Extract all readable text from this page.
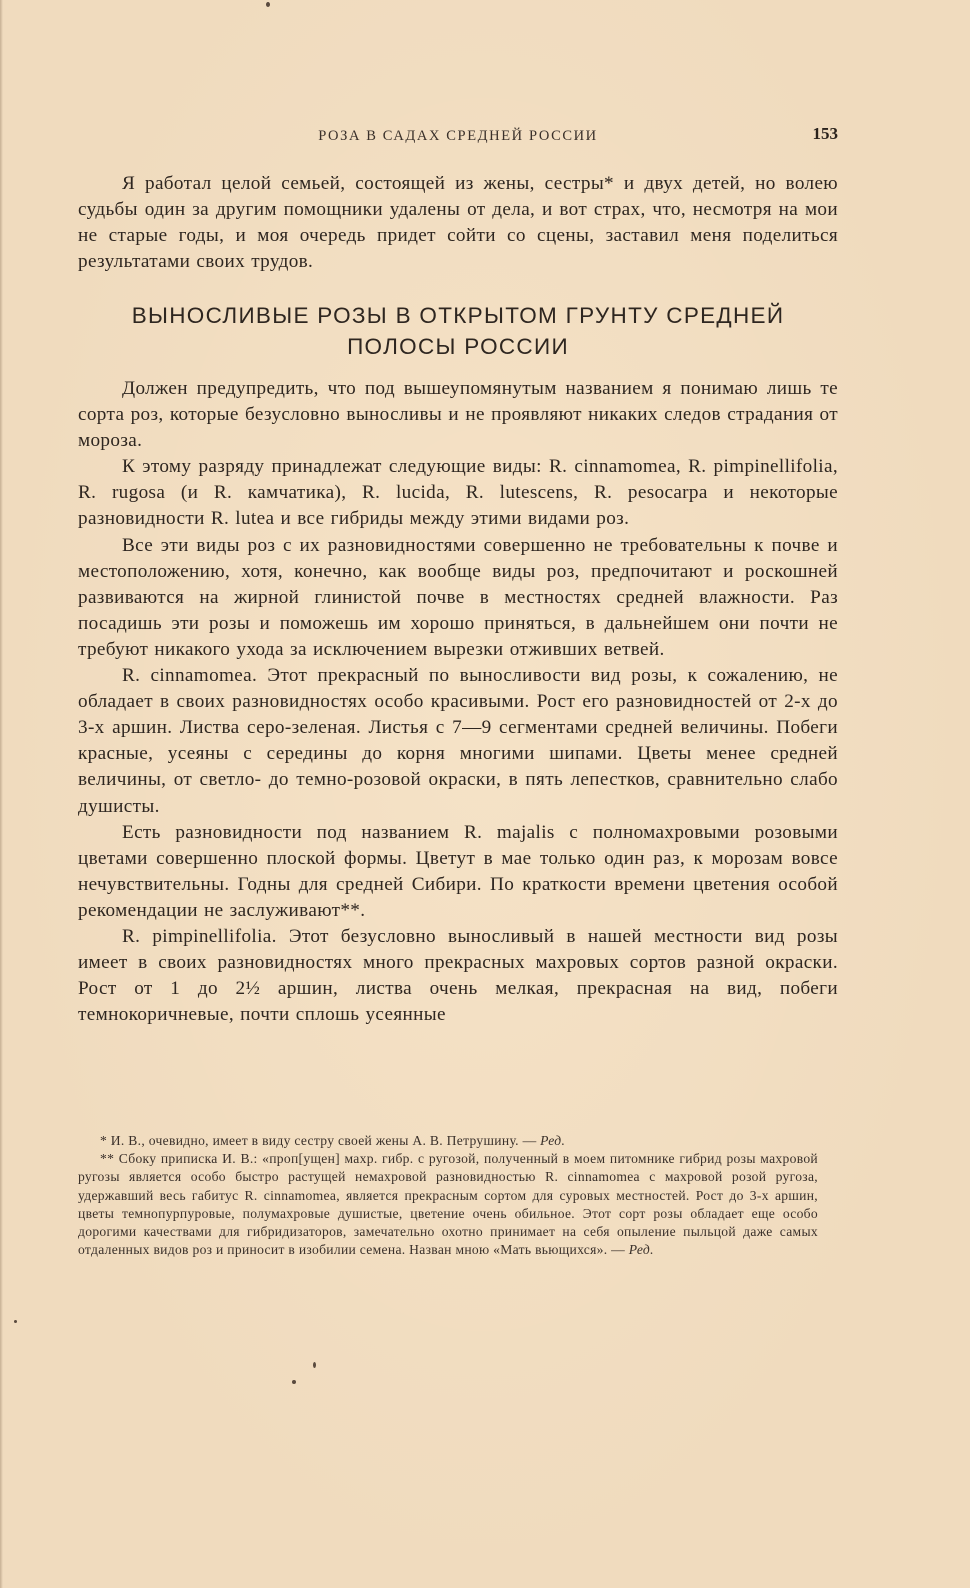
РОЗА В САДАХ СРЕДНЕЙ РОССИИ	153

Я работал целой семьей, состоящей из жены, сестры* и двух детей, но волею судьбы один за другим помощники удалены от дела, и вот страх, что, несмотря на мои не старые годы, и моя очередь придет сойти со сцены, заставил меня поделиться результатами своих трудов.

ВЫНОСЛИВЫЕ РОЗЫ В ОТКРЫТОМ ГРУНТУ СРЕДНЕЙ
ПОЛОСЫ РОССИИ

Должен предупредить, что под вышеупомянутым названием я понимаю лишь те сорта роз, которые безусловно выносливы и не проявляют никаких следов страдания от мороза.

К этому разряду принадлежат следующие виды: R. cinnamomea, R. pimpinellifolia, R. rugosa (и R. камчатика), R. lucida, R. lutescens, R. pesocarpa и некоторые разновидности R. lutea и все гибриды между этими видами роз.

Все эти виды роз с их разновидностями совершенно не требовательны к почве и местоположению, хотя, конечно, как вообще виды роз, предпочитают и роскошней развиваются на жирной глинистой почве в местностях средней влажности. Раз посадишь эти розы и поможешь им хорошо приняться, в дальнейшем они почти не требуют никакого ухода за исключением вырезки отживших ветвей.

R. cinnamomea. Этот прекрасный по выносливости вид розы, к сожалению, не обладает в своих разновидностях особо красивыми. Рост его разновидностей от 2-х до 3-х аршин. Листва серо-зеленая. Листья с 7—9 сегментами средней величины. Побеги красные, усеяны с середины до корня многими шипами. Цветы менее средней величины, от светло- до темно-розовой окраски, в пять лепестков, сравнительно слабо душисты.

Есть разновидности под названием R. majalis с полномахровыми розовыми цветами совершенно плоской формы. Цветут в мае только один раз, к морозам вовсе нечувствительны. Годны для средней Сибири. По краткости времени цветения особой рекомендации не заслуживают**.

R. pimpinellifolia. Этот безусловно выносливый в нашей местности вид розы имеет в своих разновидностях много прекрасных махровых сортов разной окраски. Рост от 1 до 2½ аршин, листва очень мелкая, прекрасная на вид, побеги темнокоричневые, почти сплошь усеянные

* И. В., очевидно, имеет в виду сестру своей жены А. В. Петрушину. — Ред.

** Сбоку приписка И. В.: «проп[ущен] махр. гибр. с ругозой, полученный в моем питомнике гибрид розы махровой ругозы является особо быстро растущей немахровой разновидностью R. cinnamomea с махровой розой ругоза, удержавший весь габитус R. cinnamomea, является прекрасным сортом для суровых местностей. Рост до 3-х аршин, цветы темнопурпуровые, полумахровые душистые, цветение очень обильное. Этот сорт розы обладает еще особо дорогими качествами для гибридизаторов, замечательно охотно принимает на себя опыление пыльцой даже самых отдаленных видов роз и приносит в изобилии семена. Назван мною «Мать вьющихся». — Ред.
